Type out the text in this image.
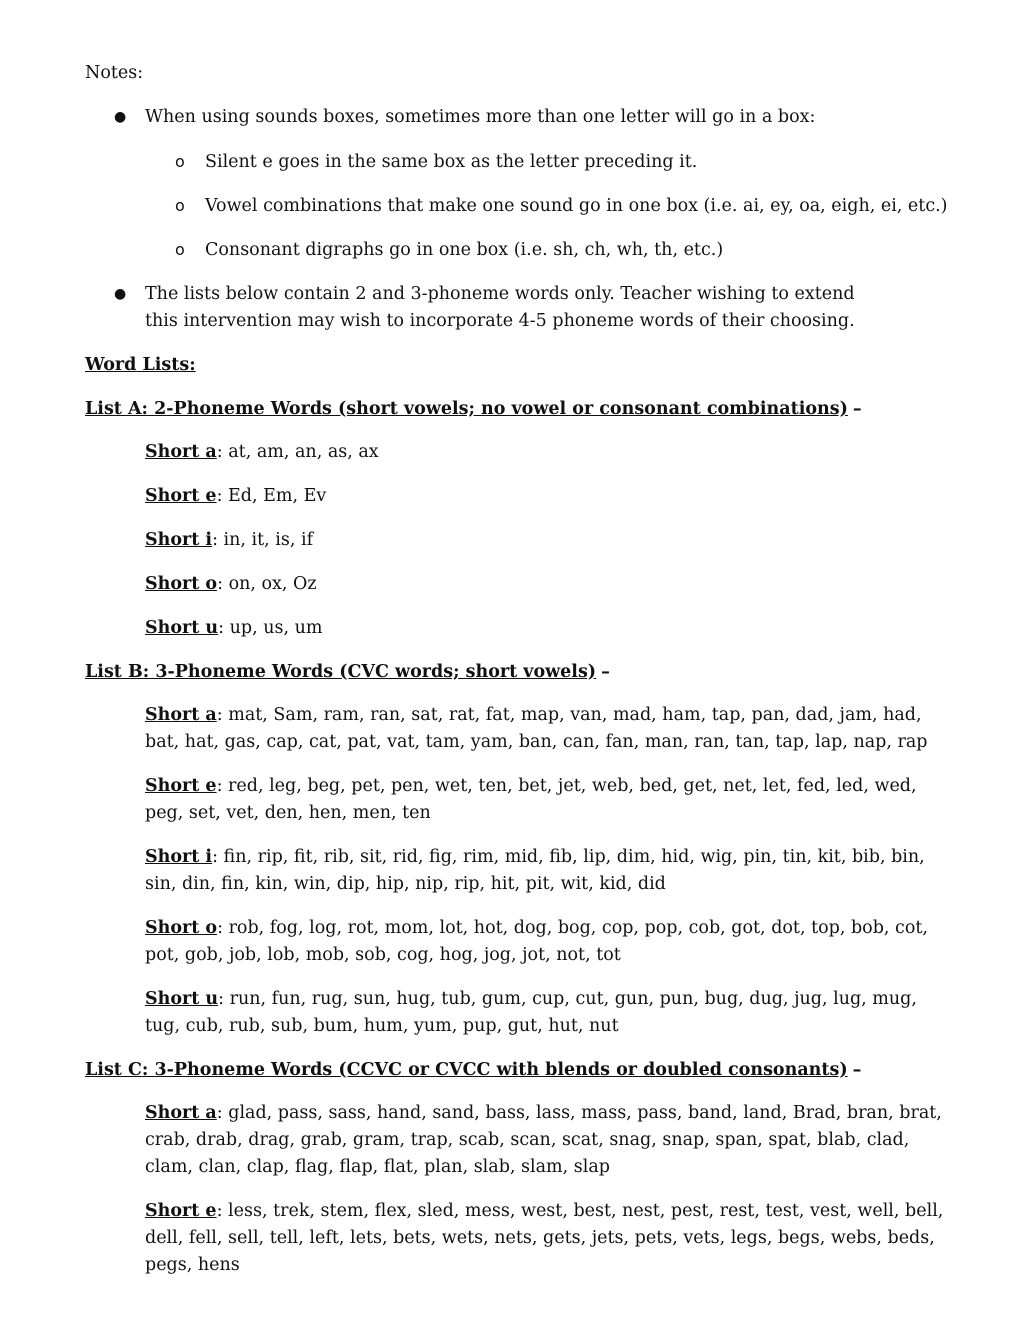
Notes:
● When using sounds boxes, sometimes more than one letter will go in a box:
o Silent e goes in the same box as the letter preceding it.
o Vowel combinations that make one sound go in one box (i.e. ai, ey, oa, eigh, ei, etc.)
o Consonant digraphs go in one box (i.e. sh, ch, wh, th, etc.)
● The lists below contain 2 and 3-phoneme words only. Teacher wishing to extend this intervention may wish to incorporate 4-5 phoneme words of their choosing.
Word Lists:
List A: 2-Phoneme Words (short vowels; no vowel or consonant combinations) –
Short a: at, am, an, as, ax
Short e: Ed, Em, Ev
Short i: in, it, is, if
Short o: on, ox, Oz
Short u: up, us, um
List B: 3-Phoneme Words (CVC words; short vowels) –
Short a: mat, Sam, ram, ran, sat, rat, fat, map, van, mad, ham, tap, pan, dad, jam, had, bat, hat, gas, cap, cat, pat, vat, tam, yam, ban, can, fan, man, ran, tan, tap, lap, nap, rap
Short e: red, leg, beg, pet, pen, wet, ten, bet, jet, web, bed, get, net, let, fed, led, wed, peg, set, vet, den, hen, men, ten
Short i: fin, rip, fit, rib, sit, rid, fig, rim, mid, fib, lip, dim, hid, wig, pin, tin, kit, bib, bin, sin, din, fin, kin, win, dip, hip, nip, rip, hit, pit, wit, kid, did
Short o: rob, fog, log, rot, mom, lot, hot, dog, bog, cop, pop, cob, got, dot, top, bob, cot, pot, gob, job, lob, mob, sob, cog, hog, jog, jot, not, tot
Short u: run, fun, rug, sun, hug, tub, gum, cup, cut, gun, pun, bug, dug, jug, lug, mug, tug, cub, rub, sub, bum, hum, yum, pup, gut, hut, nut
List C: 3-Phoneme Words (CCVC or CVCC with blends or doubled consonants) –
Short a: glad, pass, sass, hand, sand, bass, lass, mass, pass, band, land, Brad, bran, brat, crab, drab, drag, grab, gram, trap, scab, scan, scat, snag, snap, span, spat, blab, clad, clam, clan, clap, flag, flap, flat, plan, slab, slam, slap
Short e: less, trek, stem, flex, sled, mess, west, best, nest, pest, rest, test, vest, well, bell, dell, fell, sell, tell, left, lets, bets, wets, nets, gets, jets, pets, vets, legs, begs, webs, beds, pegs, hens
